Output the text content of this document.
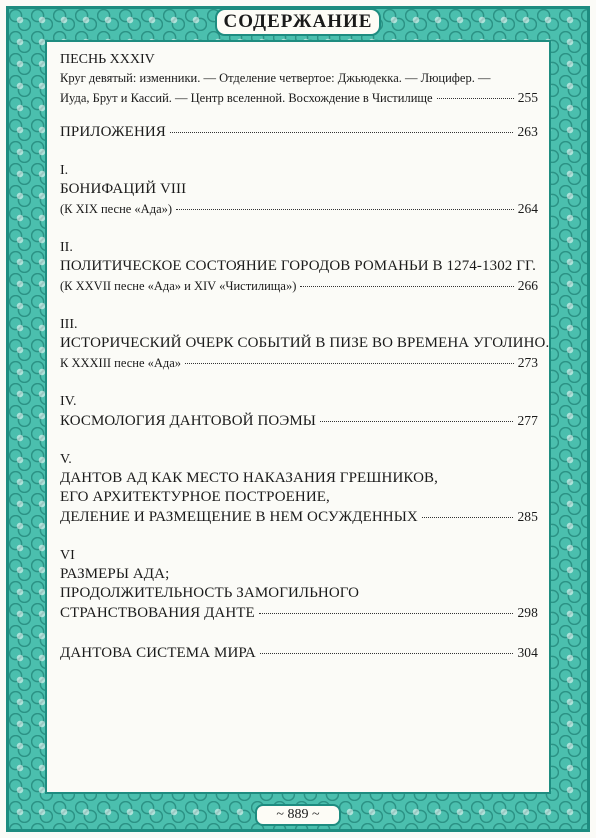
СОДЕРЖАНИЕ
ПЕСНЬ XXXIV
Круг девятый: изменники. — Отделение четвертое: Джьюдекка. — Люцифер. —
Иуда, Брут и Кассий. — Центр вселенной. Восхождение в Чистилище	255
ПРИЛОЖЕНИЯ	263
I.
БОНИФАЦИЙ VIII
(К XIX песне «Ада»)	264
II.
ПОЛИТИЧЕСКОЕ СОСТОЯНИЕ ГОРОДОВ РОМАНЬИ В 1274-1302 ГГ.
(К XXVII песне «Ада» и XIV «Чистилища»)	266
III.
ИСТОРИЧЕСКИЙ ОЧЕРК СОБЫТИЙ В ПИЗЕ ВО ВРЕМЕНА УГОЛИНО.
К XXXIII песне «Ада»	273
IV.
КОСМОЛОГИЯ ДАНТОВОЙ ПОЭМЫ	277
V.
ДАНТОВ АД КАК МЕСТО НАКАЗАНИЯ ГРЕШНИКОВ,
ЕГО АРХИТЕКТУРНОЕ ПОСТРОЕНИЕ,
ДЕЛЕНИЕ И РАЗМЕЩЕНИЕ В НЕМ ОСУЖДЕННЫХ	285
VI
РАЗМЕРЫ АДА;
ПРОДОЛЖИТЕЛЬНОСТЬ ЗАМОГИЛЬНОГО
СТРАНСТВОВАНИЯ ДАНТЕ	298
ДАНТОВА СИСТЕМА МИРА	304
~ 889 ~
